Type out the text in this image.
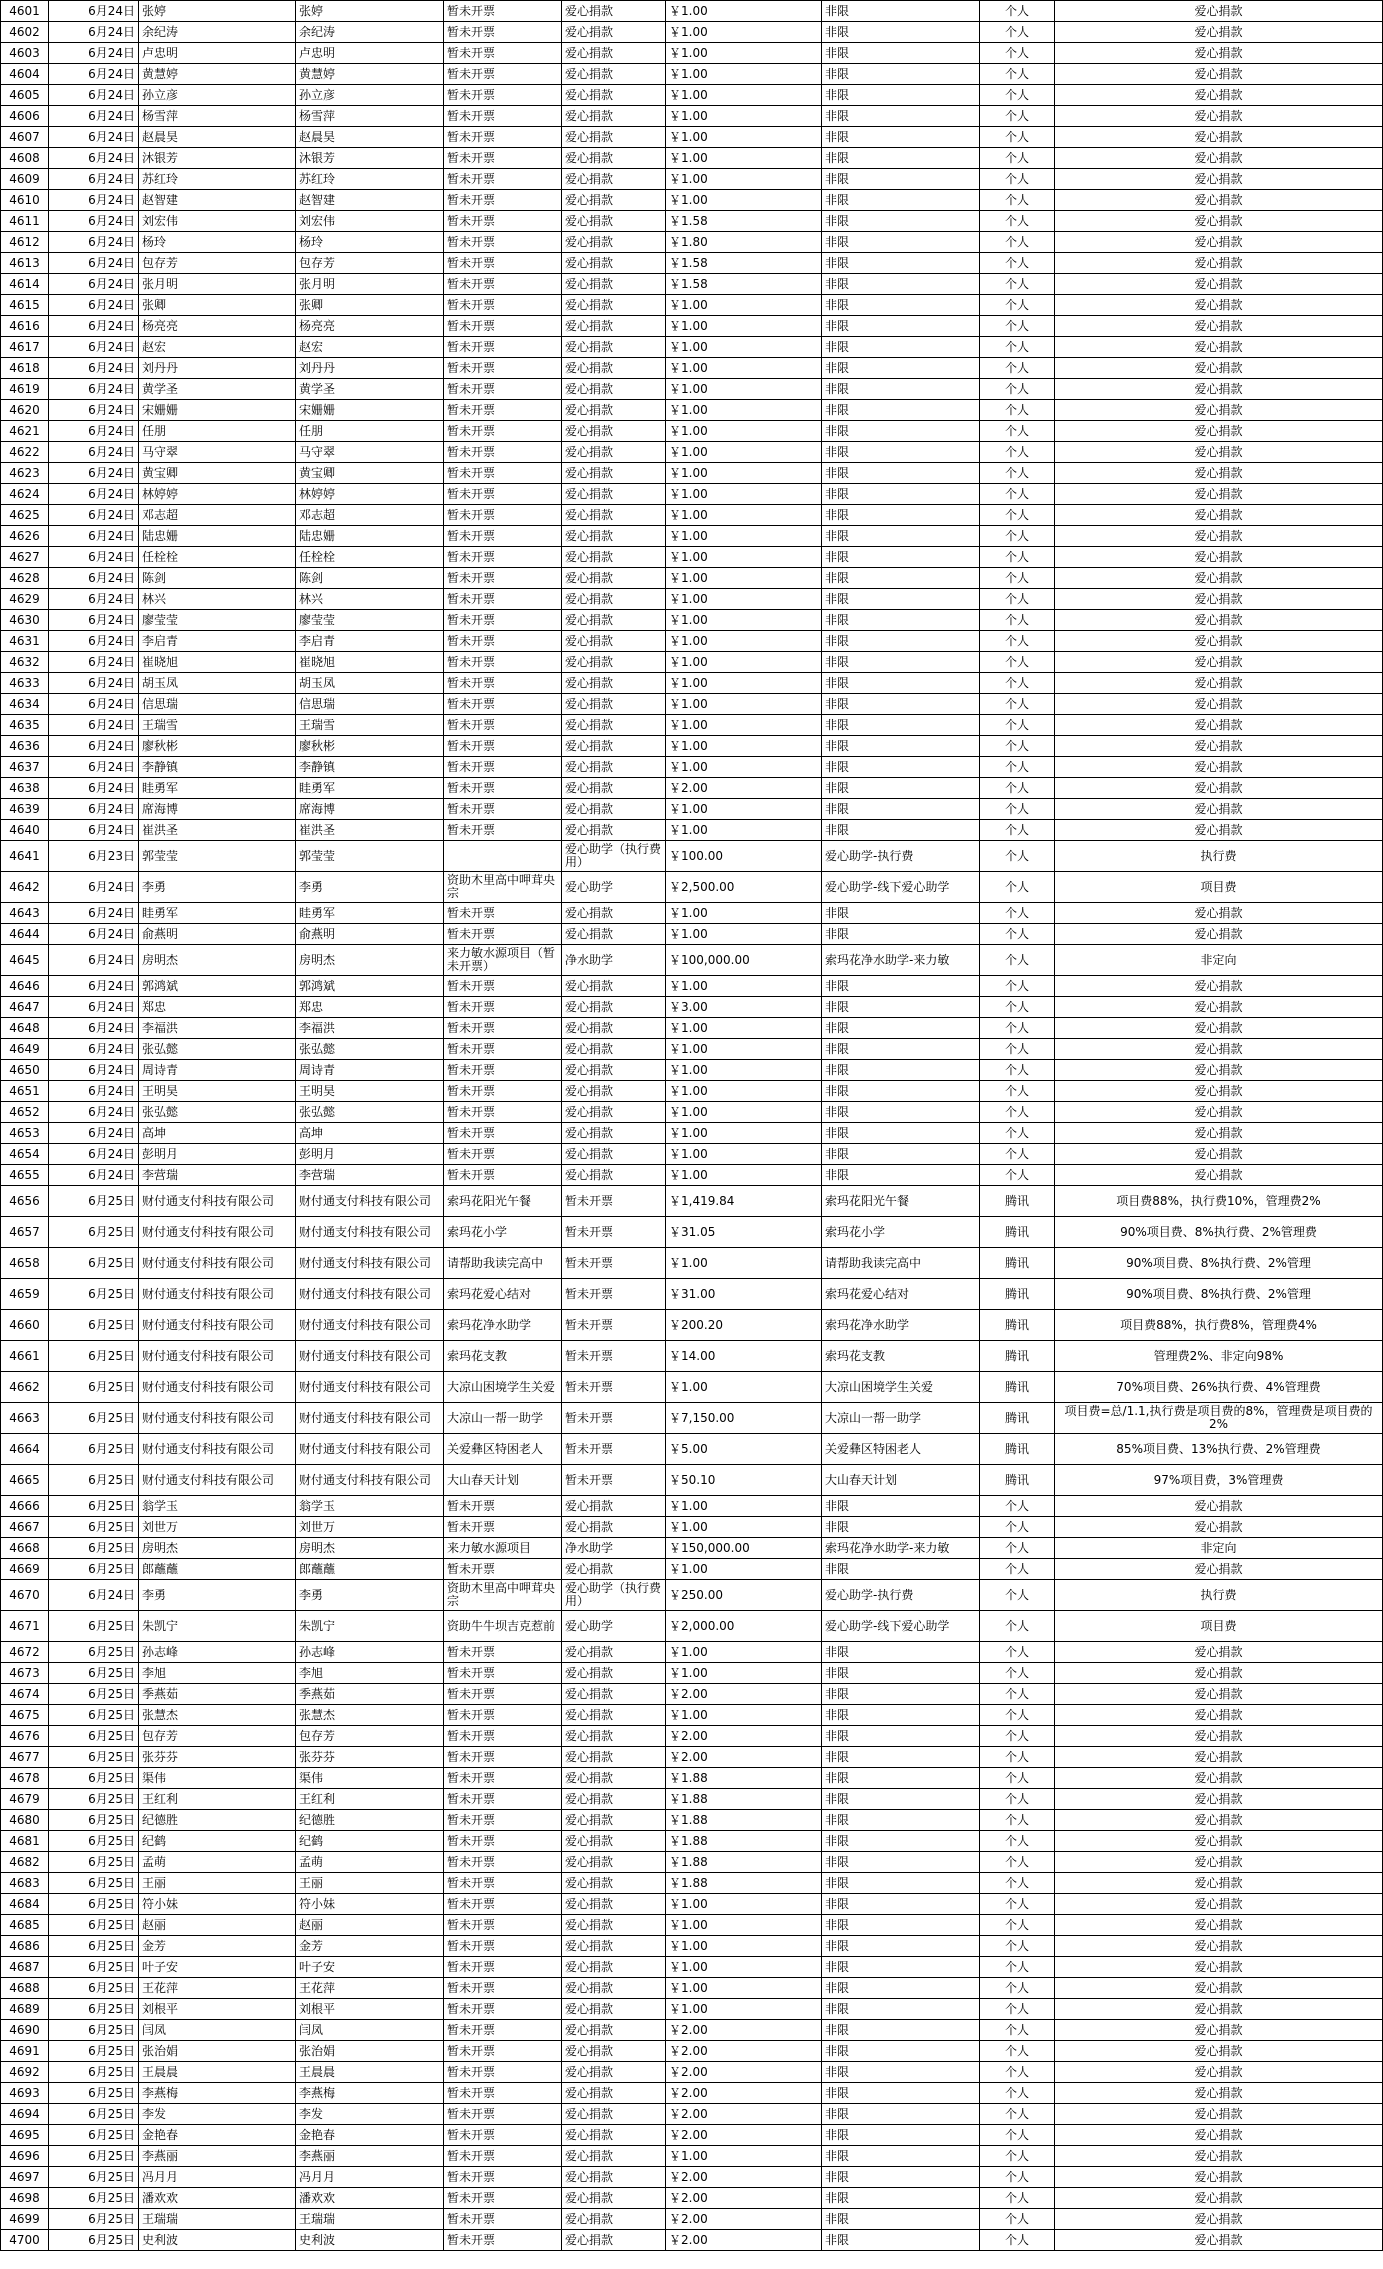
4601	6月24日	张婷	张婷	暂未开票	爱心捐款	￥1.00	非限	个人	爱心捐款
4602	6月24日	余纪涛	余纪涛	暂未开票	爱心捐款	￥1.00	非限	个人	爱心捐款
4603	6月24日	卢忠明	卢忠明	暂未开票	爱心捐款	￥1.00	非限	个人	爱心捐款
4604	6月24日	黄慧婷	黄慧婷	暂未开票	爱心捐款	￥1.00	非限	个人	爱心捐款
4605	6月24日	孙立彦	孙立彦	暂未开票	爱心捐款	￥1.00	非限	个人	爱心捐款
4606	6月24日	杨雪萍	杨雪萍	暂未开票	爱心捐款	￥1.00	非限	个人	爱心捐款
4607	6月24日	赵晨昊	赵晨昊	暂未开票	爱心捐款	￥1.00	非限	个人	爱心捐款
4608	6月24日	沐银芳	沐银芳	暂未开票	爱心捐款	￥1.00	非限	个人	爱心捐款
4609	6月24日	苏红玲	苏红玲	暂未开票	爱心捐款	￥1.00	非限	个人	爱心捐款
4610	6月24日	赵智建	赵智建	暂未开票	爱心捐款	￥1.00	非限	个人	爱心捐款
4611	6月24日	刘宏伟	刘宏伟	暂未开票	爱心捐款	￥1.58	非限	个人	爱心捐款
4612	6月24日	杨玲	杨玲	暂未开票	爱心捐款	￥1.80	非限	个人	爱心捐款
4613	6月24日	包存芳	包存芳	暂未开票	爱心捐款	￥1.58	非限	个人	爱心捐款
4614	6月24日	张月明	张月明	暂未开票	爱心捐款	￥1.58	非限	个人	爱心捐款
4615	6月24日	张卿	张卿	暂未开票	爱心捐款	￥1.00	非限	个人	爱心捐款
4616	6月24日	杨亮亮	杨亮亮	暂未开票	爱心捐款	￥1.00	非限	个人	爱心捐款
4617	6月24日	赵宏	赵宏	暂未开票	爱心捐款	￥1.00	非限	个人	爱心捐款
4618	6月24日	刘丹丹	刘丹丹	暂未开票	爱心捐款	￥1.00	非限	个人	爱心捐款
4619	6月24日	黄学圣	黄学圣	暂未开票	爱心捐款	￥1.00	非限	个人	爱心捐款
4620	6月24日	宋姗姗	宋姗姗	暂未开票	爱心捐款	￥1.00	非限	个人	爱心捐款
4621	6月24日	任朋	任朋	暂未开票	爱心捐款	￥1.00	非限	个人	爱心捐款
4622	6月24日	马守翠	马守翠	暂未开票	爱心捐款	￥1.00	非限	个人	爱心捐款
4623	6月24日	黄宝卿	黄宝卿	暂未开票	爱心捐款	￥1.00	非限	个人	爱心捐款
4624	6月24日	林婷婷	林婷婷	暂未开票	爱心捐款	￥1.00	非限	个人	爱心捐款
4625	6月24日	邓志超	邓志超	暂未开票	爱心捐款	￥1.00	非限	个人	爱心捐款
4626	6月24日	陆忠姗	陆忠姗	暂未开票	爱心捐款	￥1.00	非限	个人	爱心捐款
4627	6月24日	任栓栓	任栓栓	暂未开票	爱心捐款	￥1.00	非限	个人	爱心捐款
4628	6月24日	陈剑	陈剑	暂未开票	爱心捐款	￥1.00	非限	个人	爱心捐款
4629	6月24日	林兴	林兴	暂未开票	爱心捐款	￥1.00	非限	个人	爱心捐款
4630	6月24日	廖莹莹	廖莹莹	暂未开票	爱心捐款	￥1.00	非限	个人	爱心捐款
4631	6月24日	李启青	李启青	暂未开票	爱心捐款	￥1.00	非限	个人	爱心捐款
4632	6月24日	崔晓旭	崔晓旭	暂未开票	爱心捐款	￥1.00	非限	个人	爱心捐款
4633	6月24日	胡玉凤	胡玉凤	暂未开票	爱心捐款	￥1.00	非限	个人	爱心捐款
4634	6月24日	信思瑞	信思瑞	暂未开票	爱心捐款	￥1.00	非限	个人	爱心捐款
4635	6月24日	王瑞雪	王瑞雪	暂未开票	爱心捐款	￥1.00	非限	个人	爱心捐款
4636	6月24日	廖秋彬	廖秋彬	暂未开票	爱心捐款	￥1.00	非限	个人	爱心捐款
4637	6月24日	李静镇	李静镇	暂未开票	爱心捐款	￥1.00	非限	个人	爱心捐款
4638	6月24日	眭勇军	眭勇军	暂未开票	爱心捐款	￥2.00	非限	个人	爱心捐款
4639	6月24日	席海博	席海博	暂未开票	爱心捐款	￥1.00	非限	个人	爱心捐款
4640	6月24日	崔洪圣	崔洪圣	暂未开票	爱心捐款	￥1.00	非限	个人	爱心捐款
4641	6月23日	郭莹莹	郭莹莹		爱心助学（执行费用）	￥100.00	爱心助学-执行费	个人	执行费
4642	6月24日	李勇	李勇	资助木里高中呷茸央宗	爱心助学	￥2,500.00	爱心助学-线下爱心助学	个人	项目费
4643	6月24日	眭勇军	眭勇军	暂未开票	爱心捐款	￥1.00	非限	个人	爱心捐款
4644	6月24日	俞燕明	俞燕明	暂未开票	爱心捐款	￥1.00	非限	个人	爱心捐款
4645	6月24日	房明杰	房明杰	来力敏水源项目（暂未开票）	净水助学	￥100,000.00	索玛花净水助学-来力敏	个人	非定向
4646	6月24日	郭鸿斌	郭鸿斌	暂未开票	爱心捐款	￥1.00	非限	个人	爱心捐款
4647	6月24日	郑忠	郑忠	暂未开票	爱心捐款	￥3.00	非限	个人	爱心捐款
4648	6月24日	李福洪	李福洪	暂未开票	爱心捐款	￥1.00	非限	个人	爱心捐款
4649	6月24日	张弘懿	张弘懿	暂未开票	爱心捐款	￥1.00	非限	个人	爱心捐款
4650	6月24日	周诗青	周诗青	暂未开票	爱心捐款	￥1.00	非限	个人	爱心捐款
4651	6月24日	王明昊	王明昊	暂未开票	爱心捐款	￥1.00	非限	个人	爱心捐款
4652	6月24日	张弘懿	张弘懿	暂未开票	爱心捐款	￥1.00	非限	个人	爱心捐款
4653	6月24日	高坤	高坤	暂未开票	爱心捐款	￥1.00	非限	个人	爱心捐款
4654	6月24日	彭明月	彭明月	暂未开票	爱心捐款	￥1.00	非限	个人	爱心捐款
4655	6月24日	李营瑞	李营瑞	暂未开票	爱心捐款	￥1.00	非限	个人	爱心捐款
4656	6月25日	财付通支付科技有限公司	财付通支付科技有限公司	索玛花阳光午餐	暂未开票	￥1,419.84	索玛花阳光午餐	腾讯	项目费88%，执行费10%，管理费2%
4657	6月25日	财付通支付科技有限公司	财付通支付科技有限公司	索玛花小学	暂未开票	￥31.05	索玛花小学	腾讯	90%项目费、8%执行费、2%管理费
4658	6月25日	财付通支付科技有限公司	财付通支付科技有限公司	请帮助我读完高中	暂未开票	￥1.00	请帮助我读完高中	腾讯	90%项目费、8%执行费、2%管理
4659	6月25日	财付通支付科技有限公司	财付通支付科技有限公司	索玛花爱心结对	暂未开票	￥31.00	索玛花爱心结对	腾讯	90%项目费、8%执行费、2%管理
4660	6月25日	财付通支付科技有限公司	财付通支付科技有限公司	索玛花净水助学	暂未开票	￥200.20	索玛花净水助学	腾讯	项目费88%，执行费8%，管理费4%
4661	6月25日	财付通支付科技有限公司	财付通支付科技有限公司	索玛花支教	暂未开票	￥14.00	索玛花支教	腾讯	管理费2%、非定向98%
4662	6月25日	财付通支付科技有限公司	财付通支付科技有限公司	大凉山困境学生关爱	暂未开票	￥1.00	大凉山困境学生关爱	腾讯	70%项目费、26%执行费、4%管理费
4663	6月25日	财付通支付科技有限公司	财付通支付科技有限公司	大凉山一帮一助学	暂未开票	￥7,150.00	大凉山一帮一助学	腾讯	项目费=总/1.1,执行费是项目费的8%，管理费是项目费的2%
4664	6月25日	财付通支付科技有限公司	财付通支付科技有限公司	关爱彝区特困老人	暂未开票	￥5.00	关爱彝区特困老人	腾讯	85%项目费、13%执行费、2%管理费
4665	6月25日	财付通支付科技有限公司	财付通支付科技有限公司	大山春天计划	暂未开票	￥50.10	大山春天计划	腾讯	97%项目费，3%管理费
4666	6月25日	翁学玉	翁学玉	暂未开票	爱心捐款	￥1.00	非限	个人	爱心捐款
4667	6月25日	刘世万	刘世万	暂未开票	爱心捐款	￥1.00	非限	个人	爱心捐款
4668	6月25日	房明杰	房明杰	来力敏水源项目	净水助学	￥150,000.00	索玛花净水助学-来力敏	个人	非定向
4669	6月25日	郎蘸蘸	郎蘸蘸	暂未开票	爱心捐款	￥1.00	非限	个人	爱心捐款
4670	6月24日	李勇	李勇	资助木里高中呷茸央宗	爱心助学（执行费用）	￥250.00	爱心助学-执行费	个人	执行费
4671	6月25日	朱凯宁	朱凯宁	资助牛牛坝吉克惹前	爱心助学	￥2,000.00	爱心助学-线下爱心助学	个人	项目费
4672	6月25日	孙志峰	孙志峰	暂未开票	爱心捐款	￥1.00	非限	个人	爱心捐款
4673	6月25日	李旭	李旭	暂未开票	爱心捐款	￥1.00	非限	个人	爱心捐款
4674	6月25日	季燕茹	季燕茹	暂未开票	爱心捐款	￥2.00	非限	个人	爱心捐款
4675	6月25日	张慧杰	张慧杰	暂未开票	爱心捐款	￥1.00	非限	个人	爱心捐款
4676	6月25日	包存芳	包存芳	暂未开票	爱心捐款	￥2.00	非限	个人	爱心捐款
4677	6月25日	张芬芬	张芬芬	暂未开票	爱心捐款	￥2.00	非限	个人	爱心捐款
4678	6月25日	渠伟	渠伟	暂未开票	爱心捐款	￥1.88	非限	个人	爱心捐款
4679	6月25日	王红利	王红利	暂未开票	爱心捐款	￥1.88	非限	个人	爱心捐款
4680	6月25日	纪德胜	纪德胜	暂未开票	爱心捐款	￥1.88	非限	个人	爱心捐款
4681	6月25日	纪鹤	纪鹤	暂未开票	爱心捐款	￥1.88	非限	个人	爱心捐款
4682	6月25日	孟萌	孟萌	暂未开票	爱心捐款	￥1.88	非限	个人	爱心捐款
4683	6月25日	王丽	王丽	暂未开票	爱心捐款	￥1.88	非限	个人	爱心捐款
4684	6月25日	符小妹	符小妹	暂未开票	爱心捐款	￥1.00	非限	个人	爱心捐款
4685	6月25日	赵丽	赵丽	暂未开票	爱心捐款	￥1.00	非限	个人	爱心捐款
4686	6月25日	金芳	金芳	暂未开票	爱心捐款	￥1.00	非限	个人	爱心捐款
4687	6月25日	叶子安	叶子安	暂未开票	爱心捐款	￥1.00	非限	个人	爱心捐款
4688	6月25日	王花萍	王花萍	暂未开票	爱心捐款	￥1.00	非限	个人	爱心捐款
4689	6月25日	刘根平	刘根平	暂未开票	爱心捐款	￥1.00	非限	个人	爱心捐款
4690	6月25日	闫凤	闫凤	暂未开票	爱心捐款	￥2.00	非限	个人	爱心捐款
4691	6月25日	张治娟	张治娟	暂未开票	爱心捐款	￥2.00	非限	个人	爱心捐款
4692	6月25日	王晨晨	王晨晨	暂未开票	爱心捐款	￥2.00	非限	个人	爱心捐款
4693	6月25日	李燕梅	李燕梅	暂未开票	爱心捐款	￥2.00	非限	个人	爱心捐款
4694	6月25日	李发	李发	暂未开票	爱心捐款	￥2.00	非限	个人	爱心捐款
4695	6月25日	金艳春	金艳春	暂未开票	爱心捐款	￥2.00	非限	个人	爱心捐款
4696	6月25日	李燕丽	李燕丽	暂未开票	爱心捐款	￥1.00	非限	个人	爱心捐款
4697	6月25日	冯月月	冯月月	暂未开票	爱心捐款	￥2.00	非限	个人	爱心捐款
4698	6月25日	潘欢欢	潘欢欢	暂未开票	爱心捐款	￥2.00	非限	个人	爱心捐款
4699	6月25日	王瑞瑞	王瑞瑞	暂未开票	爱心捐款	￥2.00	非限	个人	爱心捐款
4700	6月25日	史利波	史利波	暂未开票	爱心捐款	￥2.00	非限	个人	爱心捐款
